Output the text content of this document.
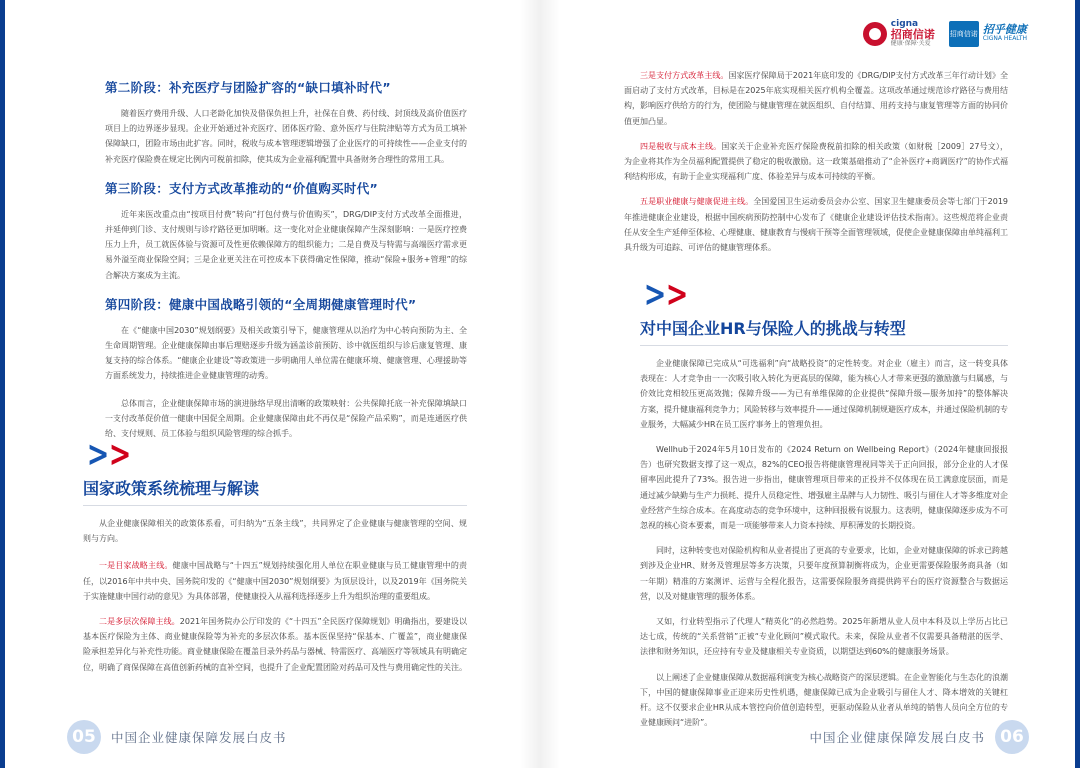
第二阶段：补充医疗与团险扩容的“缺口填补时代”

随着医疗费用升级、人口老龄化加快及借保负担上升，社保在自费、药付线、封顶线及高价值医疗项目上的边界逐步显现。企业开始通过补充医疗、团体医疗险、意外医疗与住院津贴等方式为员工填补保障缺口，团险市场由此扩容。同时，税收与成本管理逻辑增强了企业医疗的可持续性——企业支付的补充医疗保险费在规定比例内可税前扣除，使其成为企业福利配置中具备财务合理性的常用工具。

第三阶段：支付方式改革推动的“价值购买时代”

近年来医改重点由“按项目付费”转向“打包付费与价值购买”，DRG/DIP支付方式改革全面推进，并延伸到门诊、支付规则与诊疗路径更加明晰。这一变化对企业健康保障产生深刻影响：一是医疗控费压力上升，员工就医体验与资源可及性更依赖保障方的组织能力；二是自费及与特需与高端医疗需求更易外溢至商业保险空间；三是企业更关注在可控成本下获得确定性保障，推动“保险+服务+管理”的综合解决方案成为主流。

第四阶段：健康中国战略引领的“全周期健康管理时代”

在《“健康中国2030”规划纲要》及相关政策引导下，健康管理从以治疗为中心转向预防为主、全生命周期管理。企业健康保障由事后理赔逐步升级为涵盖诊前预防、诊中就医组织与诊后康复管理、康复支持的综合体系。“健康企业建设”等政策进一步明确用人单位需在健康环境、健康管理、心理援助等方面系统发力，持续推进企业健康管理的动秀。

总体而言，企业健康保障市场的演进脉络早现出清晰的政策映射：公共保障托底一补充保障填缺口一支付改革促价值一健康中国促全周期。企业健康保障由此不再仅是“保险产品采购”，而是连通医疗供给、支付规则、员工体验与组织风险管理的综合抓手。

> >
国家政策系统梳理与解读

从企业健康保障相关的政策体系看，可归纳为“五条主线”，共同界定了企业健康与健康管理的空间、规则与方向。

一是目家战略主线。健康中国战略与“十四五”规划持续强化用人单位在职业健康与员工健康管理中的责任，以2016年中共中央、国务院印发的《“健康中国2030”规划纲要》为顶层设计，以及2019年《国务院关于实施健康中国行动的意见》为具体部署，使健康投入从福利选择逐步上升为组织治理的重要组成。

二是多层次保障主线。2021年国务院办公厅印发的《“十四五”全民医疗保障规划》明确指出，要建设以基本医疗保险为主体、商业健康保险等为补充的多层次体系。基本医保坚持“保基本、广覆盖”，商业健康保险承担差异化与补充性功能。商业健康保险在覆盖目录外药品与器械、特需医疗、高端医疗等领域具有明确定位，明确了商保保障在高值创新药械的直补空间，也提升了企业配置团险对药品可及性与费用确定性的关注。

05	中国企业健康保障发展白皮书
cigna
招商信诺
健康·保障·关爱
招商信诺 招乎健康
CIGNA HEALTH

三是支付方式改革主线。国家医疗保障局于2021年底印发的《DRG/DIP支付方式改革三年行动计划》全面启动了支付方式改革，目标是在2025年底实现相关医疗机构全覆盖。这项改革通过规范诊疗路径与费用结构，影响医疗供给方的行为，使团险与健康管理在就医组织、自付结算、用药支持与康复管理等方面的协同价值更加凸显。

四是税收与成本主线。国家关于企业补充医疗保险费税前扣除的相关政策（如财税［2009］27号文），为企业将其作为全员福利配置提供了稳定的税收激励。这一政策基础推动了“企补医疗+商调医疗”的协作式福利结构形成，有助于企业实现福利广度、体验差异与成本可持续的平衡。

五是职业健康与健康促进主线。全国爱国卫生运动委员会办公室、国家卫生健康委员会等七部门于2019年推进健康企业建设，根据中国疾病预防控制中心发布了《健康企业建设评估技术指南》。这些规范将企业责任从安全生产延伸至体检、心理健康、健康教育与慢病干预等全面管理领域，促使企业健康保障由单纯福利工具升级为可追踪、可评估的健康管理体系。

> >
对中国企业HR与保险人的挑战与转型

企业健康保障已完成从“可选福利”向“战略投资”的定性转变。对企业（雇主）而言，这一转变具体表现在：人才竞争由一一次吸引收入转化为更高层的保障，能为核心人才带来更强的激励激与归属感，与价效比竞相较压更高效抛；保障升级——为已有单维保障的企业提供“保障升级—服务加持”的整体解决方案，提升健康福利竞争力；风险转移与效率提升——通过保障机制规避医疗成本，并通过保险机制的专业服务，大幅减少HR在员工医疗事务上的管理负担。

Wellhub于2024年5月10日发布的《2024 Return on Wellbeing Report》（2024年健康回报报告）也研究数据支撑了这一观点，82%的CEO报告将健康管理视同等关于正向回报，部分企业的人才保留率因此提升了73%。报告进一步指出，健康管理项目带来的正投并不仅体现在员工满意度层面，而是通过减少缺勤与生产力损耗、提升人员稳定性、增强雇主品牌与人力韧性、吸引与留住人才等多维度对企业经营产生综合成本。在高度动态的竞争环境中，这种回报极有说服力。这表明，健康保障逐步成为不可忽视的核心资本要素，而是一项能够带来人力资本持续、厚积薄发的长期投资。

同时，这种转变也对保险机构和从业者提出了更高的专业要求，比如，企业对健康保障的诉求已跨越到涉及企业HR、财务及管理层等多方决策，只要年度预算制衡将成为，企业更需要保险服务商具备（如一年期）精准的方案测评、运营与全程化报告，这需要保险服务商提供跨平台的医疗资源整合与数据运营，以及对健康管理的服务体系。

又如，行业转型指示了代理人“精英化”的必然趋势。2025年新增从业人员中本科及以上学历占比已达七成，传统的“关系营销”正被“专业化顾问”模式取代。未来，保险从业者不仅需要具备精湛的医学、法律和财务知识，还应持有专业及健康相关专业资质，以期望达到60%的健康服务场景。

以上阐述了企业健康保障从数据福利演变为核心战略资产的深层逻辑。在企业智能化与生态化的浪潮下，中国的健康保障事业正迎来历史性机遇，健康保障已成为企业吸引与留住人才、降本增效的关键杠杆。这不仅要求企业HR从成本管控向价值创造转型，更驱动保险从业者从单纯的销售人员向全方位的专业健康顾问“进阶”。

中国企业健康保障发展白皮书 06
